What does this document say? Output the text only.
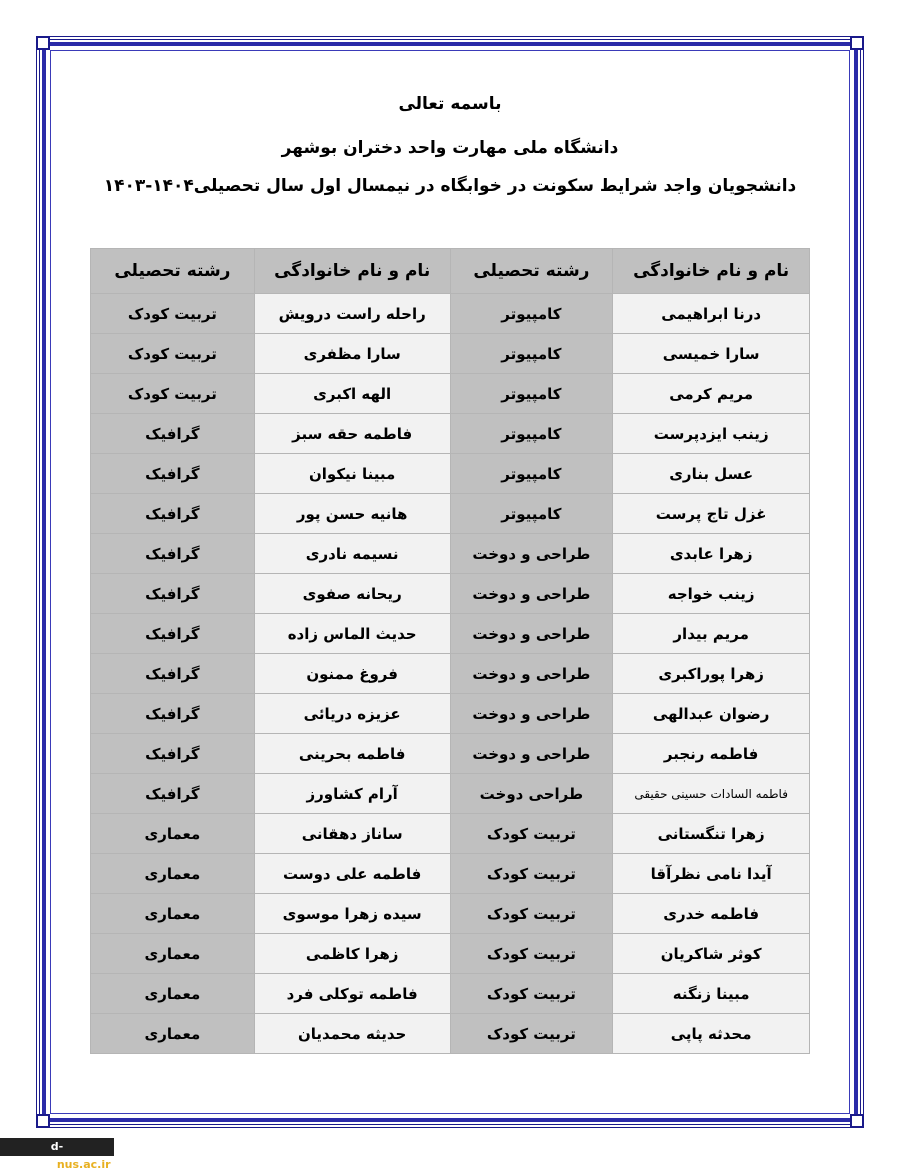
باسمه تعالی
دانشگاه ملی مهارت واحد دختران بوشهر
دانشجویان واجد شرایط سکونت در خوابگاه در نیمسال اول سال تحصیلی۱۴۰۴-۱۴۰۳
نام و نام خانوادگی	رشته تحصیلی	نام و نام خانوادگی	رشته تحصیلی
درنا ابراهیمی	کامپیوتر	راحله راست درویش	تربیت کودک
سارا خمیسی	کامپیوتر	سارا مظفری	تربیت کودک
مریم کرمی	کامپیوتر	الهه اکبری	تربیت کودک
زینب ایزدپرست	کامپیوتر	فاطمه حقه سبز	گرافیک
عسل بناری	کامپیوتر	مبینا نیکوان	گرافیک
غزل تاج پرست	کامپیوتر	هانیه حسن پور	گرافیک
زهرا عابدی	طراحی و دوخت	نسیمه نادری	گرافیک
زینب خواجه	طراحی و دوخت	ریحانه صفوی	گرافیک
مریم بیدار	طراحی و دوخت	حدیث الماس زاده	گرافیک
زهرا پوراکبری	طراحی و دوخت	فروغ ممنون	گرافیک
رضوان عبدالهی	طراحی و دوخت	عزیزه دریائی	گرافیک
فاطمه رنجبر	طراحی و دوخت	فاطمه بحرینی	گرافیک
فاطمه السادات حسینی حقیقی	طراحی دوخت	آرام کشاورز	گرافیک
زهرا تنگستانی	تربیت کودک	ساناز دهقانی	معماری
آیدا نامی نظرآقا	تربیت کودک	فاطمه علی دوست	معماری
فاطمه خدری	تربیت کودک	سیده زهرا موسوی	معماری
کوثر شاکریان	تربیت کودک	زهرا کاظمی	معماری
مبینا زنگنه	تربیت کودک	فاطمه توکلی فرد	معماری
محدثه پاپی	تربیت کودک	حدیثه محمدیان	معماری
d-bushehr.nus.ac.ir
